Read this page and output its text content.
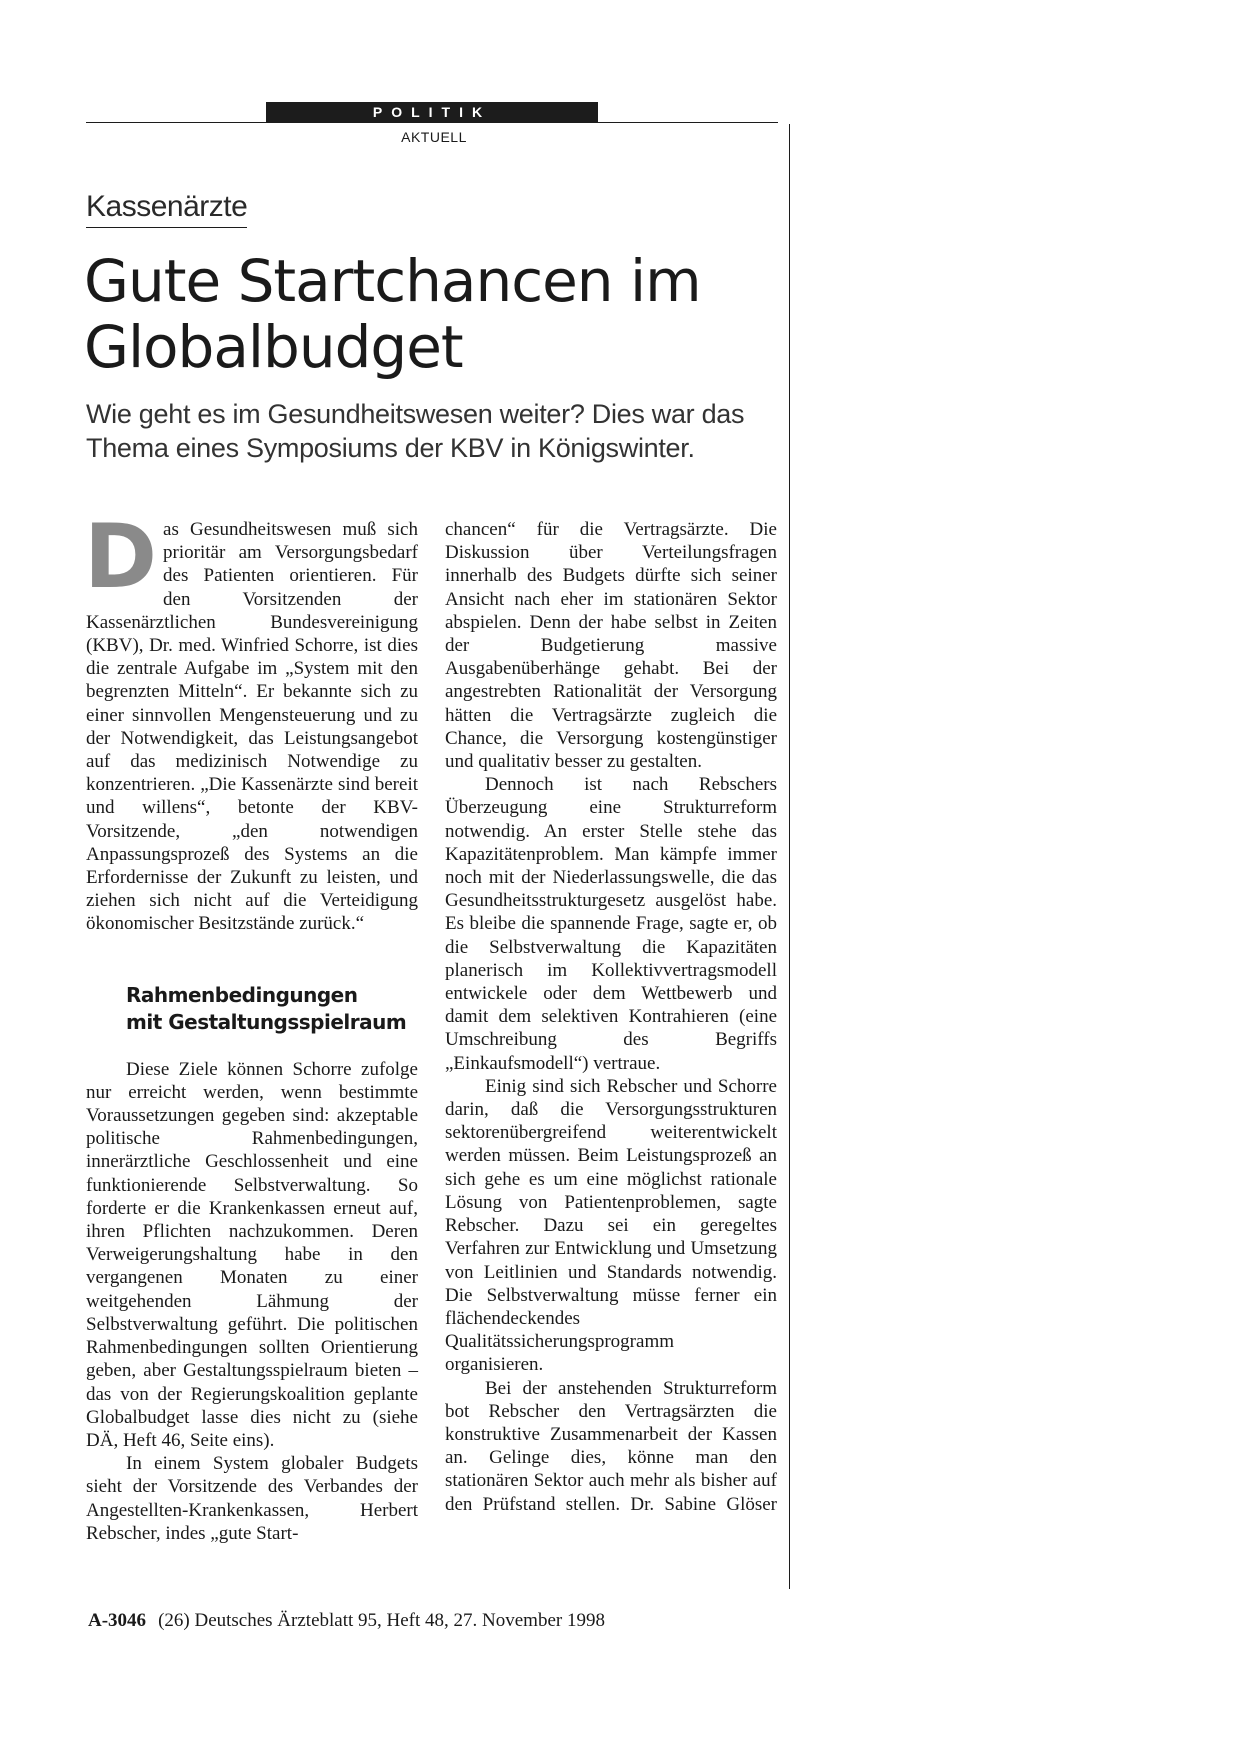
POLITIK
AKTUELL
Kassenärzte
Gute Startchancen im
Globalbudget
Wie geht es im Gesundheitswesen weiter? Dies war das
Thema eines Symposiums der KBV in Königswinter.

Das Gesundheitswesen muß sich prioritär am Versorgungsbedarf des Patienten orientieren. Für den Vorsitzenden der Kassenärztlichen Bundesvereinigung (KBV), Dr. med. Winfried Schorre, ist dies die zentrale Aufgabe im „System mit den begrenzten Mitteln“. Er bekannte sich zu einer sinnvollen Mengensteuerung und zu der Notwendigkeit, das Leistungsangebot auf das medizinisch Notwendige zu konzentrieren. „Die Kassenärzte sind bereit und willens“, betonte der KBV-Vorsitzende, „den notwendigen Anpassungsprozeß des Systems an die Erfordernisse der Zukunft zu leisten, und ziehen sich nicht auf die Verteidigung ökonomischer Besitzstände zurück.“

Rahmenbedingungen
mit Gestaltungsspielraum

Diese Ziele können Schorre zufolge nur erreicht werden, wenn bestimmte Voraussetzungen gegeben sind: akzeptable politische Rahmenbedingungen, innerärztliche Geschlossenheit und eine funktionierende Selbstverwaltung. So forderte er die Krankenkassen erneut auf, ihren Pflichten nachzukommen. Deren Verweigerungshaltung habe in den vergangenen Monaten zu einer weitgehenden Lähmung der Selbstverwaltung geführt. Die politischen Rahmenbedingungen sollten Orientierung geben, aber Gestaltungsspielraum bieten – das von der Regierungskoalition geplante Globalbudget lasse dies nicht zu (siehe DÄ, Heft 46, Seite eins).

In einem System globaler Budgets sieht der Vorsitzende des Verbandes der Angestellten-Krankenkassen, Herbert Rebscher, indes „gute Start-

chancen“ für die Vertragsärzte. Die Diskussion über Verteilungsfragen innerhalb des Budgets dürfte sich seiner Ansicht nach eher im stationären Sektor abspielen. Denn der habe selbst in Zeiten der Budgetierung massive Ausgabenüberhänge gehabt. Bei der angestrebten Rationalität der Versorgung hätten die Vertragsärzte zugleich die Chance, die Versorgung kostengünstiger und qualitativ besser zu gestalten.

Dennoch ist nach Rebschers Überzeugung eine Strukturreform notwendig. An erster Stelle stehe das Kapazitätenproblem. Man kämpfe immer noch mit der Niederlassungswelle, die das Gesundheitsstrukturgesetz ausgelöst habe. Es bleibe die spannende Frage, sagte er, ob die Selbstverwaltung die Kapazitäten planerisch im Kollektivvertragsmodell entwickele oder dem Wettbewerb und damit dem selektiven Kontrahieren (eine Umschreibung des Begriffs „Einkaufsmodell“) vertraue.

Einig sind sich Rebscher und Schorre darin, daß die Versorgungsstrukturen sektorenübergreifend weiterentwickelt werden müssen. Beim Leistungsprozeß an sich gehe es um eine möglichst rationale Lösung von Patientenproblemen, sagte Rebscher. Dazu sei ein geregeltes Verfahren zur Entwicklung und Umsetzung von Leitlinien und Standards notwendig. Die Selbstverwaltung müsse ferner ein flächendeckendes Qualitätssicherungsprogramm organisieren.

Bei der anstehenden Strukturreform bot Rebscher den Vertragsärzten die konstruktive Zusammenarbeit der Kassen an. Gelinge dies, könne man den stationären Sektor auch mehr als bisher auf den Prüfstand stellen. Dr. Sabine Glöser

A-3046 (26) Deutsches Ärzteblatt 95, Heft 48, 27. November 1998
